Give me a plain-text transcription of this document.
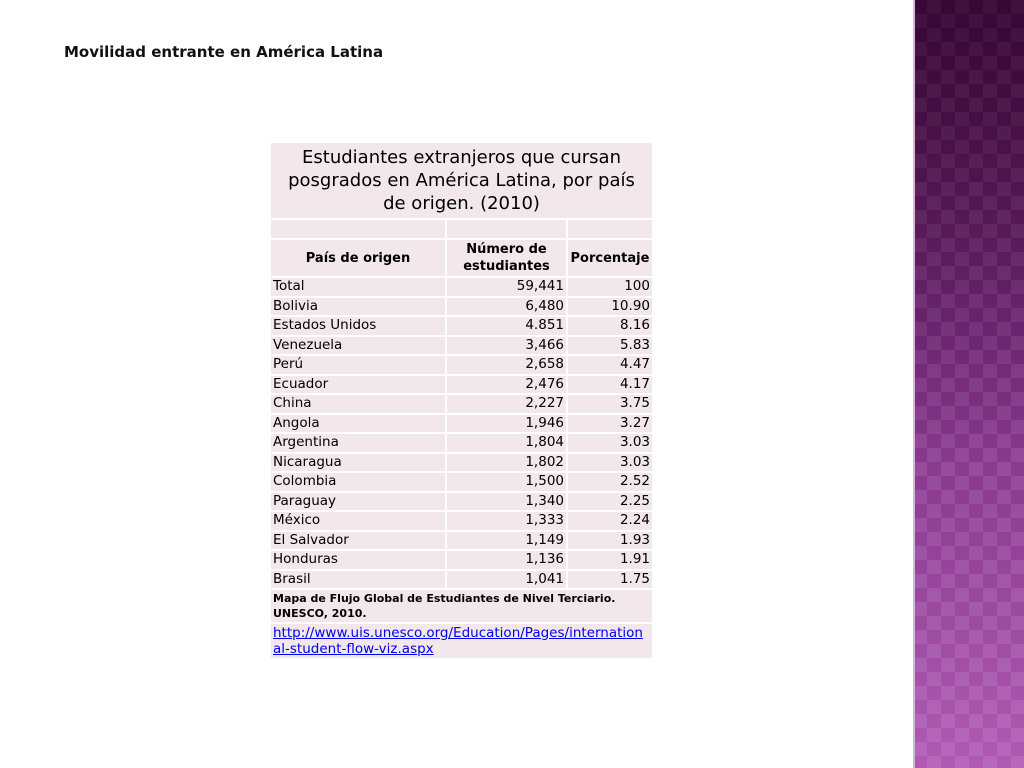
Movilidad entrante en América Latina
Estudiantes extranjeros que cursan posgrados en América Latina, por país de origen. (2010)		

País de origen	Número de estudiantes	Porcentaje
Total	59,441	100
Bolivia	6,480	10.90
Estados Unidos	4.851	8.16
Venezuela	3,466	5.83
Perú	2,658	4.47
Ecuador	2,476	4.17
China	2,227	3.75
Angola	1,946	3.27
Argentina	1,804	3.03
Nicaragua	1,802	3.03
Colombia	1,500	2.52
Paraguay	1,340	2.25
México	1,333	2.24
El Salvador	1,149	1.93
Honduras	1,136	1.91
Brasil	1,041	1.75
Mapa de Flujo Global de Estudiantes de Nivel Terciario. UNESCO, 2010.		
http://www.uis.unesco.org/Education/Pages/international-student-flow-viz.aspx		
